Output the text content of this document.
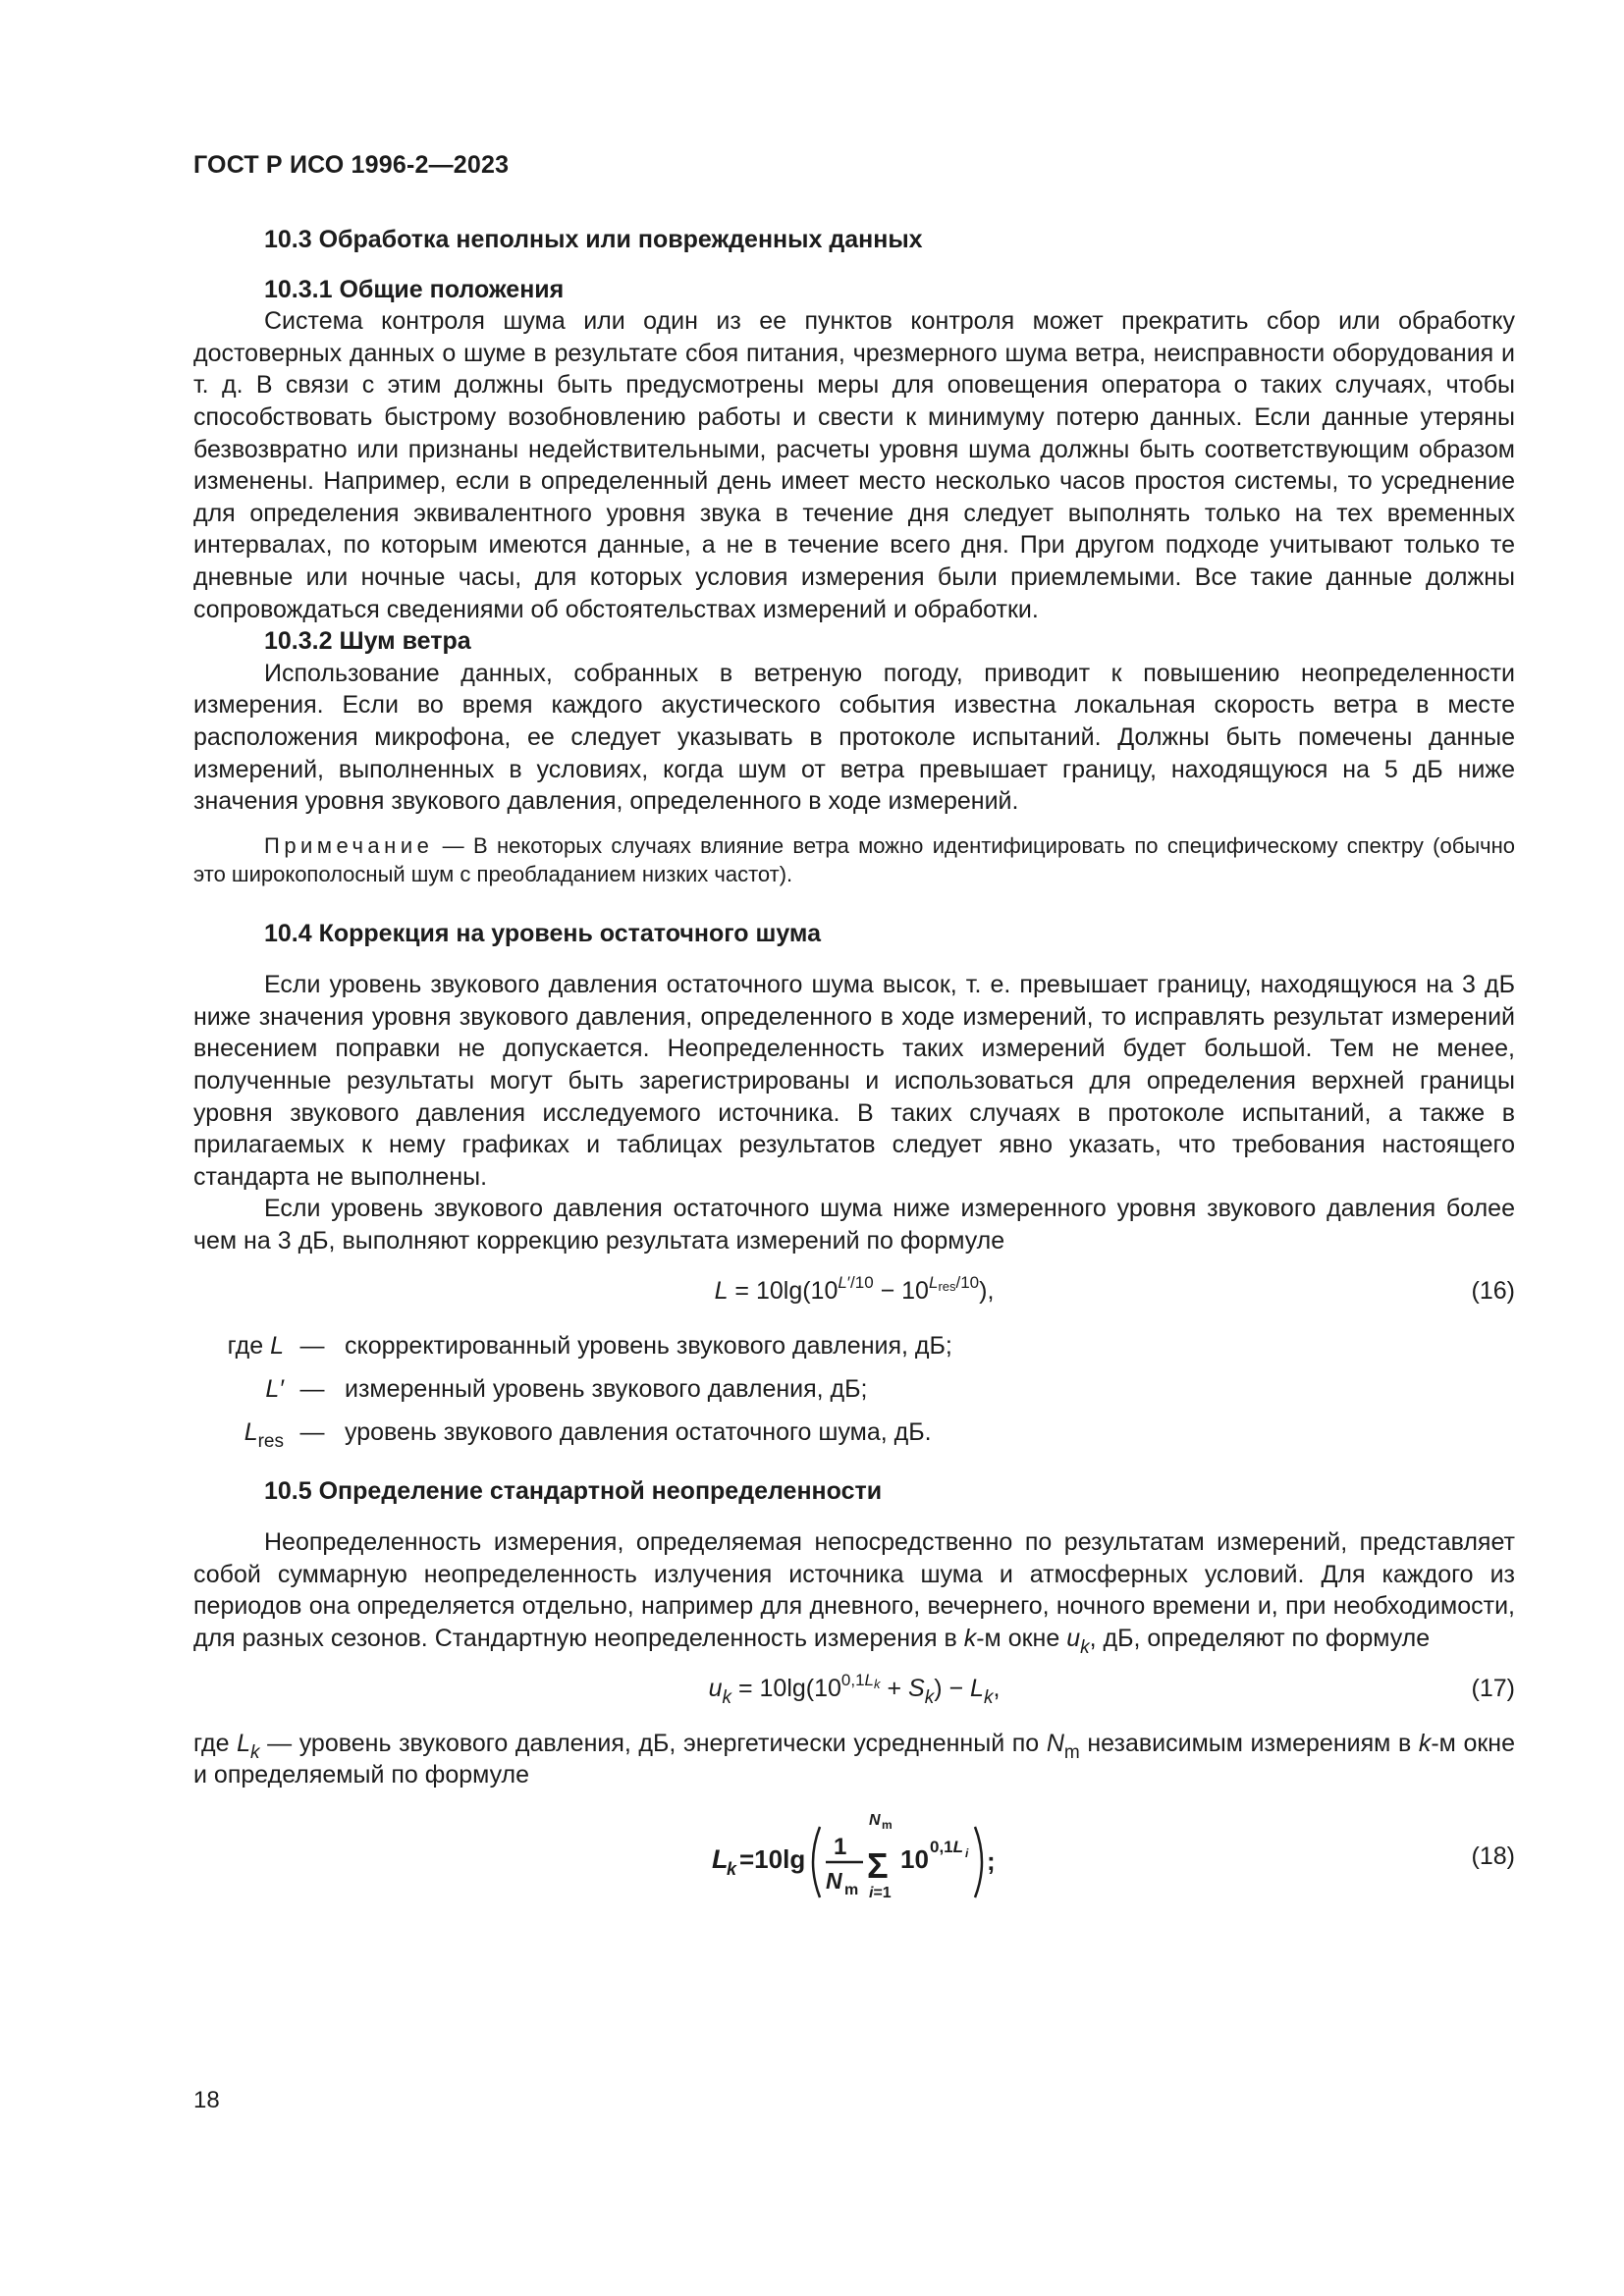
ГОСТ Р ИСО 1996-2—2023
10.3 Обработка неполных или поврежденных данных
10.3.1 Общие положения

Система контроля шума или один из ее пунктов контроля может прекратить сбор или обработку достоверных данных о шуме в результате сбоя питания, чрезмерного шума ветра, неисправности оборудования и т. д. В связи с этим должны быть предусмотрены меры для оповещения оператора о таких случаях, чтобы способствовать быстрому возобновлению работы и свести к минимуму потерю данных. Если данные утеряны безвозвратно или признаны недействительными, расчеты уровня шума должны быть соответствующим образом изменены. Например, если в определенный день имеет место несколько часов простоя системы, то усреднение для определения эквивалентного уровня звука в течение дня следует выполнять только на тех временных интервалах, по которым имеются данные, а не в течение всего дня. При другом подходе учитывают только те дневные или ночные часы, для которых условия измерения были приемлемыми. Все такие данные должны сопровождаться сведениями об обстоятельствах измерений и обработки.

10.3.2 Шум ветра

Использование данных, собранных в ветреную погоду, приводит к повышению неопределенности измерения. Если во время каждого акустического события известна локальная скорость ветра в месте расположения микрофона, ее следует указывать в протоколе испытаний. Должны быть помечены данные измерений, выполненных в условиях, когда шум от ветра превышает границу, находящуюся на 5 дБ ниже значения уровня звукового давления, определенного в ходе измерений.

Примечание — В некоторых случаях влияние ветра можно идентифицировать по специфическому спектру (обычно это широкополосный шум с преобладанием низких частот).
10.4 Коррекция на уровень остаточного шума

Если уровень звукового давления остаточного шума высок, т. е. превышает границу, находящуюся на 3 дБ ниже значения уровня звукового давления, определенного в ходе измерений, то исправлять результат измерений внесением поправки не допускается. Неопределенность таких измерений будет большой. Тем не менее, полученные результаты могут быть зарегистрированы и использоваться для определения верхней границы уровня звукового давления исследуемого источника. В таких случаях в протоколе испытаний, а также в прилагаемых к нему графиках и таблицах результатов следует явно указать, что требования настоящего стандарта не выполнены.

Если уровень звукового давления остаточного шума ниже измеренного уровня звукового давления более чем на 3 дБ, выполняют коррекцию результата измерений по формуле

$L = 10\lg(10^{L'/10} - 10^{Lres/10})$,	(16)
где L — скорректированный уровень звукового давления, дБ;
L′ — измеренный уровень звукового давления, дБ;
$L_{res}$ — уровень звукового давления остаточного шума, дБ.
10.5 Определение стандартной неопределенности

Неопределенность измерения, определяемая непосредственно по результатам измерений, представляет собой суммарную неопределенность излучения источника шума и атмосферных условий. Для каждого из периодов она определяется отдельно, например для дневного, вечернего, ночного времени и, при необходимости, для разных сезонов. Стандартную неопределенность измерения в k-м окне $u_k$, дБ, определяют по формуле

$u_k = 10\lg(10^{0,1Lk} + S_k) - L_k$,	(17)

где $L_k$ — уровень звукового давления, дБ, энергетически усредненный по $N_m$ независимым измерениям в k-м окне и определяемый по формуле

L
k =10lg 1
N m
N m
Σ
i=1
10 0,1L i ;	(18)
18
